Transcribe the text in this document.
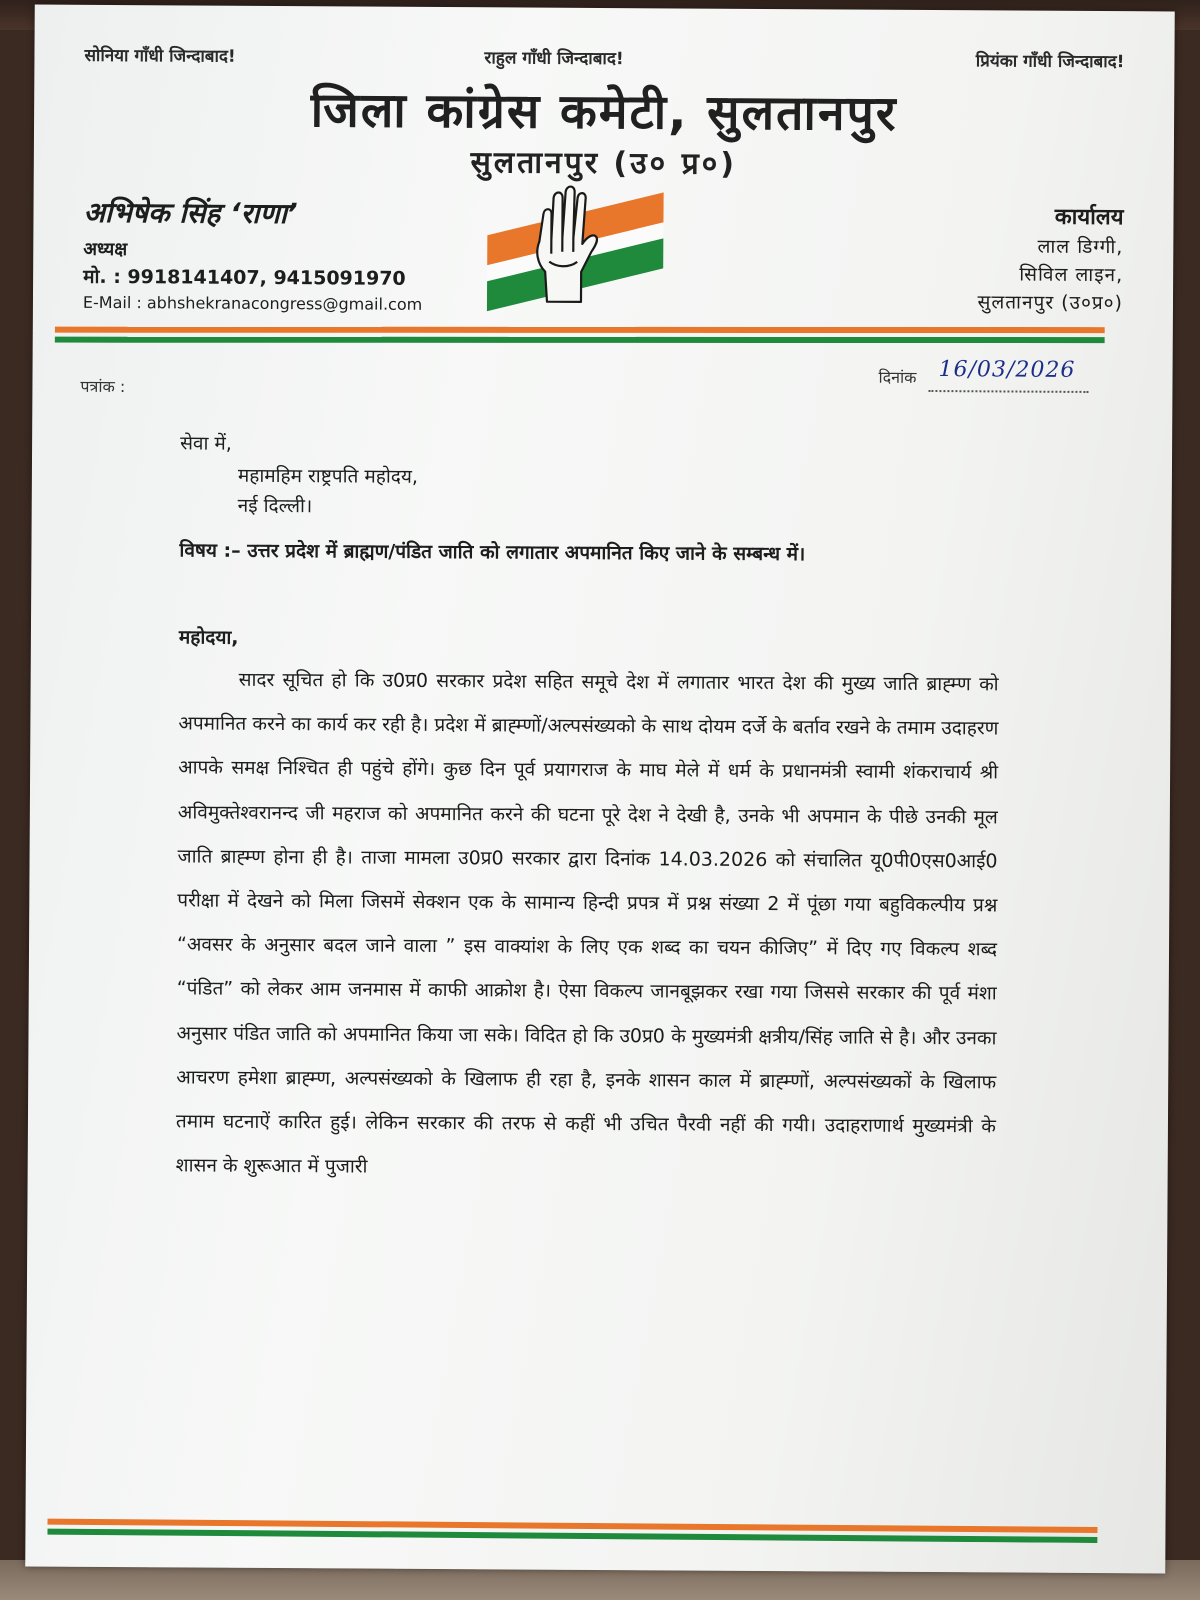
सोनिया गाँधी जिन्दाबाद!	राहुल गाँधी जिन्दाबाद!	प्रियंका गाँधी जिन्दाबाद!
जिला कांग्रेस कमेटी, सुलतानपुर
सुलतानपुर (उ० प्र०)
अभिषेक सिंह ‘राणा’
अध्यक्ष
मो. : 9918141407, 9415091970
E-Mail : abhshekranacongress@gmail.com
कार्यालय
लाल डिग्गी,
सिविल लाइन,
सुलतानपुर (उ०प्र०)
पत्रांक :	दिनांक 16/03/2026
सेवा में,
महामहिम राष्ट्रपति महोदय,
नई दिल्ली।
विषय :– उत्तर प्रदेश में ब्राह्मण/पंडित जाति को लगातार अपमानित किए जाने के सम्बन्ध में।
महोदया,
सादर सूचित हो कि उ0प्र0 सरकार प्रदेश सहित समूचे देश में लगातार भारत देश की मुख्य जाति ब्राह्म्ण को अपमानित करने का कार्य कर रही है। प्रदेश में ब्राह्म्णों/अल्पसंख्यको के साथ दोयम दर्जे के बर्ताव रखने के तमाम उदाहरण आपके समक्ष निश्चित ही पहुंचे होंगे। कुछ दिन पूर्व प्रयागराज के माघ मेले में धर्म के प्रधानमंत्री स्वामी शंकराचार्य श्री अविमुक्तेश्वरानन्द जी महराज को अपमानित करने की घटना पूरे देश ने देखी है, उनके भी अपमान के पीछे उनकी मूल जाति ब्राह्म्ण होना ही है। ताजा मामला उ0प्र0 सरकार द्वारा दिनांक 14.03.2026 को संचालित यू0पी0एस0आई0 परीक्षा में देखने को मिला जिसमें सेक्शन एक के सामान्य हिन्दी प्रपत्र में प्रश्न संख्या 2 में पूंछा गया बहुविकल्पीय प्रश्न “अवसर के अनुसार बदल जाने वाला ” इस वाक्यांश के लिए एक शब्द का चयन कीजिए” में दिए गए विकल्प शब्द “पंडित” को लेकर आम जनमास में काफी आक्रोश है। ऐसा विकल्प जानबूझकर रखा गया जिससे सरकार की पूर्व मंशा अनुसार पंडित जाति को अपमानित किया जा सके। विदित हो कि उ0प्र0 के मुख्यमंत्री क्षत्रीय/सिंह जाति से है। और उनका आचरण हमेशा ब्राह्म्ण, अल्पसंख्यको के खिलाफ ही रहा है, इनके शासन काल में ब्राह्म्णों, अल्पसंख्यकों के खिलाफ तमाम घटनाऐं कारित हुई। लेकिन सरकार की तरफ से कहीं भी उचित पैरवी नहीं की गयी। उदाहराणार्थ मुख्यमंत्री के शासन के शुरूआत में पुजारी
